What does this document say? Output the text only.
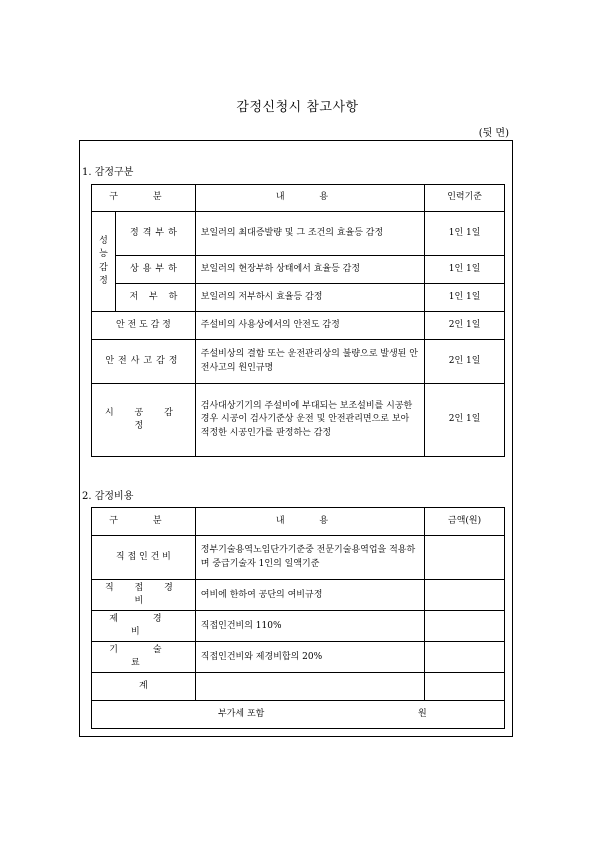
감정신청시 참고사항
(뒷 면)
1. 감정구분
구 분		내 용	인력기준

성
능
감
정	정격부하	보일러의 최대증발량 및 그 조건의 효율등 감정	1인 1일
	상용부하	보일러의 현장부하 상태에서 효율등 감정	1인 1일
	저 부 하	보일러의 저부하시 효율등 감정	1인 1일
안 전 도 감 정		주설비의 사용상에서의 안전도 감정	2인 1일
안전사고감정		주설비상의 결함 또는 운전관리상의 불량으로 발생된 안전사고의 원인규명	2인 1일
시 공 감 정		검사대상기기의 주설비에 부대되는 보조설비를 시공한 경우 시공이 검사기준상 운전 및 안전관리면으로 보아 적정한 시공인가를 판정하는 감정	2인 1일
2. 감정비용
구 분	내 용	금액(원)
직 접 인 건 비	정부기술용역노임단가기준중 전문기술용역업을 적용하며 중급기술자 1인의 일액기준	
직 접 경 비	여비에 한하여 공단의 여비규정	
제 경 비	직접인건비의 110%	
기 술 료	직접인건비와 제경비합의 20%	
계		

부가세 포함 원		
